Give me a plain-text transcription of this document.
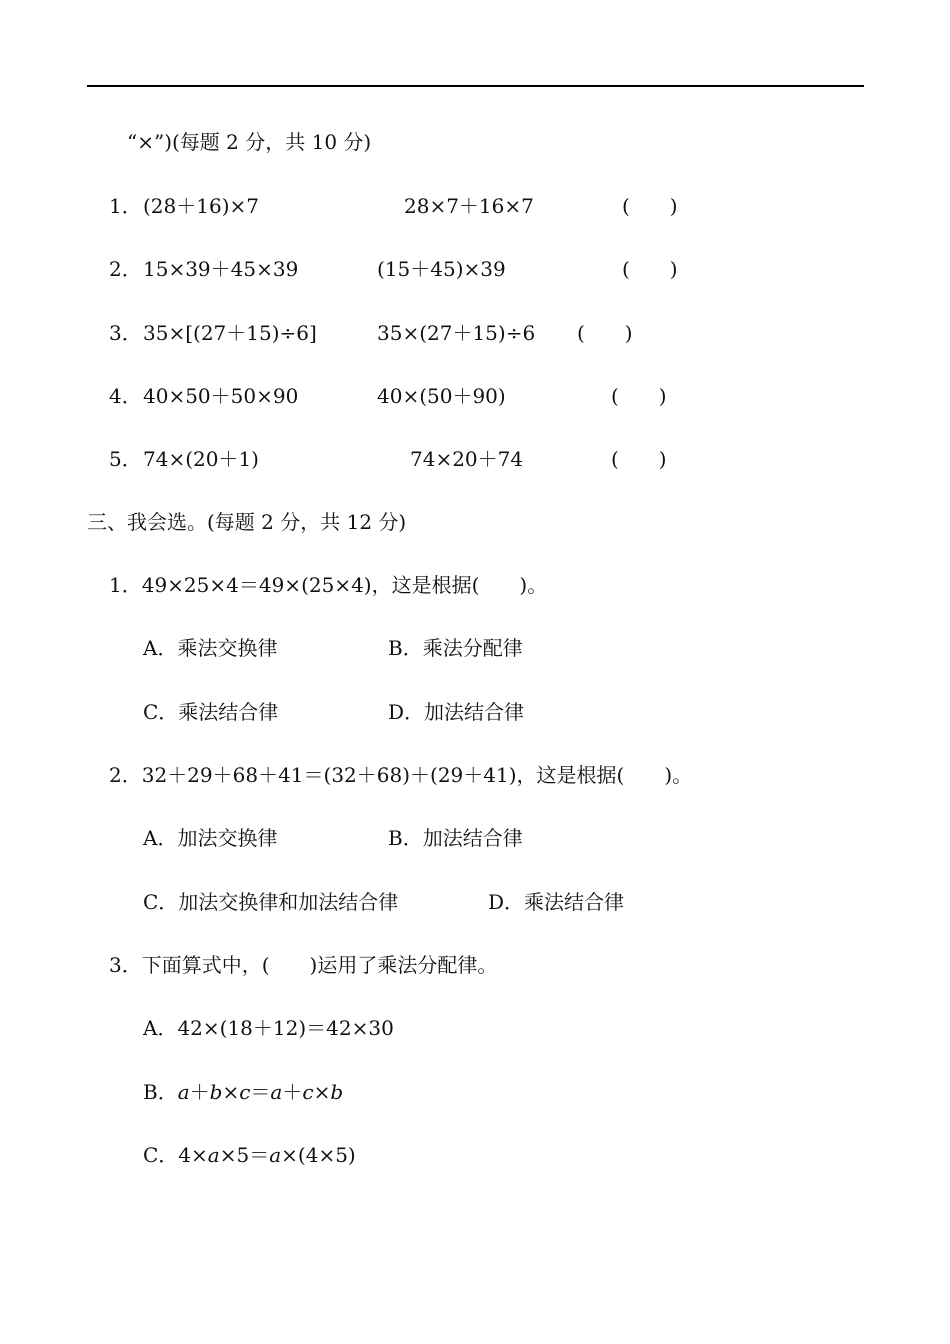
“×”)(每题 2 分，共 10 分)
1． (28＋16)×7	28×7＋16×7	(　　)
2． 15×39＋45×39	(15＋45)×39	(　　)
3． 35×[(27＋15)÷6]	35×(27＋15)÷6 (　　)
4． 40×50＋50×90	40×(50＋90)	(　　)
5． 74×(20＋1)	74×20＋74	(　　)
三、我会选。(每题 2 分，共 12 分)
1．49×25×4＝49×(25×4)，这是根据(　　)。
A．乘法交换律	B．乘法分配律
C．乘法结合律	D．加法结合律
2．32＋29＋68＋41＝(32＋68)＋(29＋41)，这是根据(　　)。
A．加法交换律	B．加法结合律
C．加法交换律和加法结合律	D．乘法结合律
3．下面算式中，(　　)运用了乘法分配律。
A．42×(18＋12)＝42×30
B．a＋b×c＝a＋c×b
C．4×a×5＝a×(4×5)
